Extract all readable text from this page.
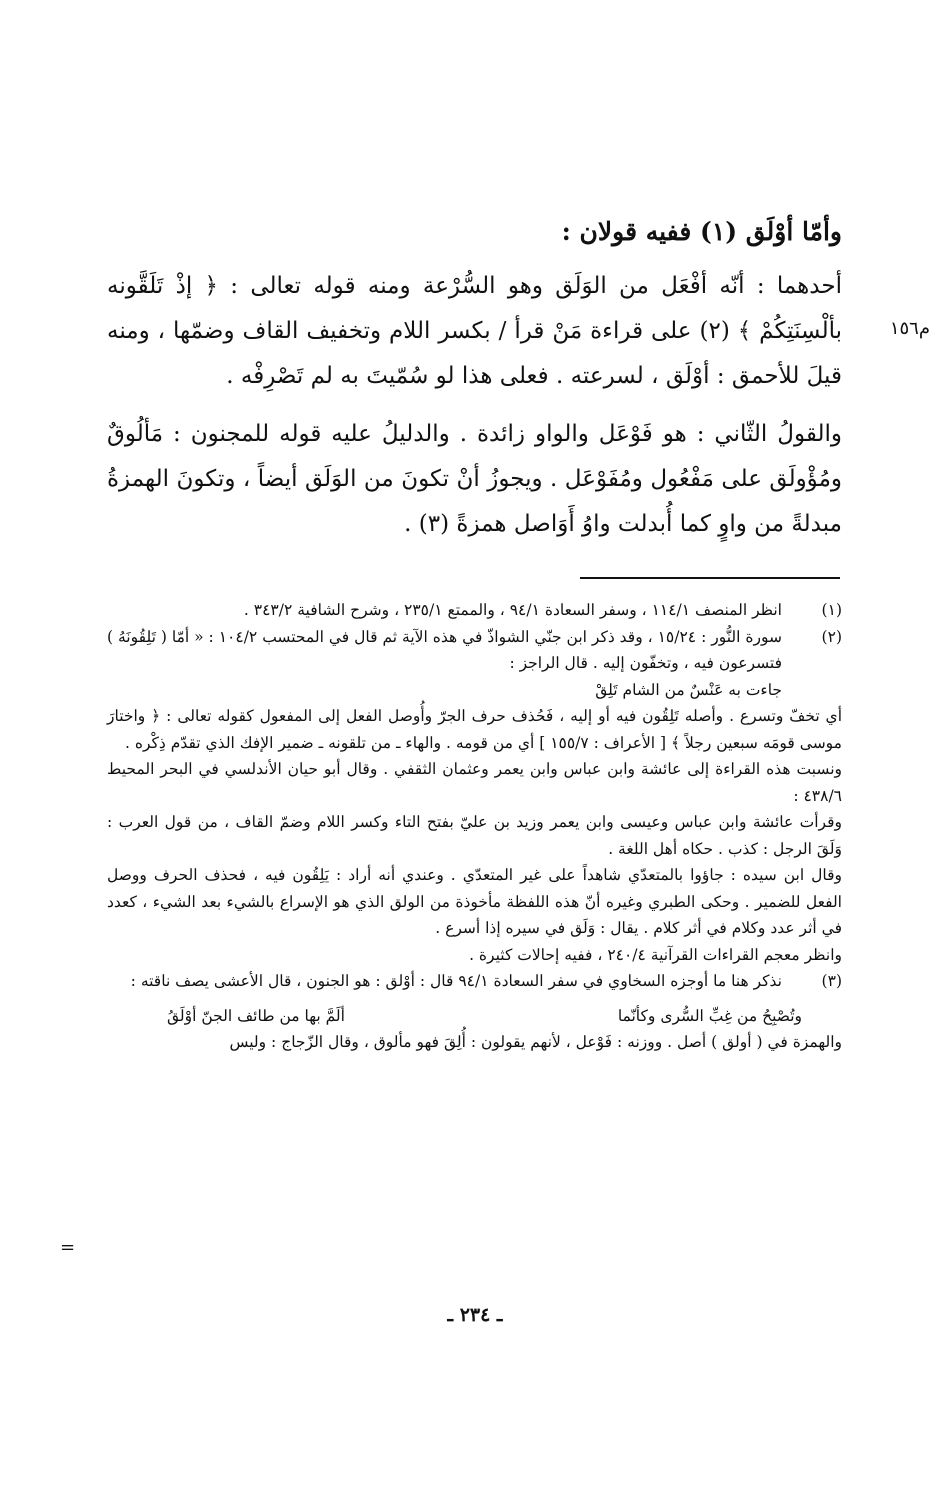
وأمّا أوْلَق (١) ففيه قولان :

أحدهما : أنّه أفْعَل من الوَلَق وهو السُّرْعة ومنه قوله تعالى : ﴿ إذْ تَلَقَّونه بألْسِنَتِكُمْ ﴾ (٢) على قراءة مَنْ قرأ / بكسر اللام وتخفيف القاف وضمّها ، ومنه قيلَ للأحمق : أوْلَق ، لسرعته . فعلى هذا لو سُمّيتَ به لم تَصْرِفْه .

والقولُ الثّاني : هو فَوْعَل والواو زائدة . والدليلُ عليه قوله للمجنون : مَألُوقٌ ومُؤْولَق على مَفْعُول ومُفَوْعَل . ويجوزُ أنْ تكونَ من الوَلَق أيضاً ، وتكونَ الهمزةُ مبدلةً من واوٍ كما أُبدلت واوُ أَوَاصل همزةً (٣) .

م١٥٦
(١)

انظر المنصف ١١٤/١ ، وسفر السعادة ٩٤/١ ، والممتع ٢٣٥/١ ، وشرح الشافية ٣٤٣/٢ .

(٢)

سورة النُّور : ١٥/٢٤ ، وقد ذكر ابن جنّي الشواذّ في هذه الآية ثم قال في المحتسب ١٠٤/٢ : « أمّا ( تَلِقُونَهُ ) فتسرعون فيه ، وتخفّون إليه . قال الراجز :

جاءت به عَنْسٌ من الشام تَلِقْ

أي تخفّ وتسرع . وأصله تَلِقُون فيه أو إليه ، فَحُذف حرف الجرّ وأُوصل الفعل إلى المفعول كقوله تعالى : ﴿ واختارَ موسى قومَه سبعين رجلاً ﴾ [ الأعراف : ١٥٥/٧ ] أي من قومه . والهاء ـ من تلقونه ـ ضمير الإفك الذي تقدّم ذِكْره .

ونسبت هذه القراءة إلى عائشة وابن عباس وابن يعمر وعثمان الثقفي . وقال أبو حيان الأندلسي في البحر المحيط ٤٣٨/٦ :

وقرأت عائشة وابن عباس وعيسى وابن يعمر وزيد بن عليّ بفتح التاء وكسر اللام وضمّ القاف ، من قول العرب : وَلَقَ الرجل : كذب . حكاه أهل اللغة .

وقال ابن سيده : جاؤوا بالمتعدّي شاهداً على غير المتعدّي . وعندي أنه أراد : يَلِقُون فيه ، فحذف الحرف ووصل الفعل للضمير . وحكى الطبري وغيره أنّ هذه اللفظة مأخوذة من الولق الذي هو الإسراع بالشيء بعد الشيء ، كعدد في أثر عدد وكلام في أثر كلام . يقال : وَلَق في سيره إذا أسرع .

وانظر معجم القراءات القرآنية ٢٤٠/٤ ، ففيه إحالات كثيرة .

(٣)

نذكر هنا ما أوجزه السخاوي في سفر السعادة ٩٤/١ قال : أوْلق : هو الجنون ، قال الأعشى يصف ناقته :

وتُصْبِحُ من غِبِّ السُّرى وكأنّما
ألَمَّ بها من طائف الجنّ أوْلَقُ

والهمزة في ( أولق ) أصل . ووزنه : فَوْعل ، لأنهم يقولون : أُلِقَ فهو مألوق ، وقال الزّجاج : وليس

=
ـ ٢٣٤ ـ
